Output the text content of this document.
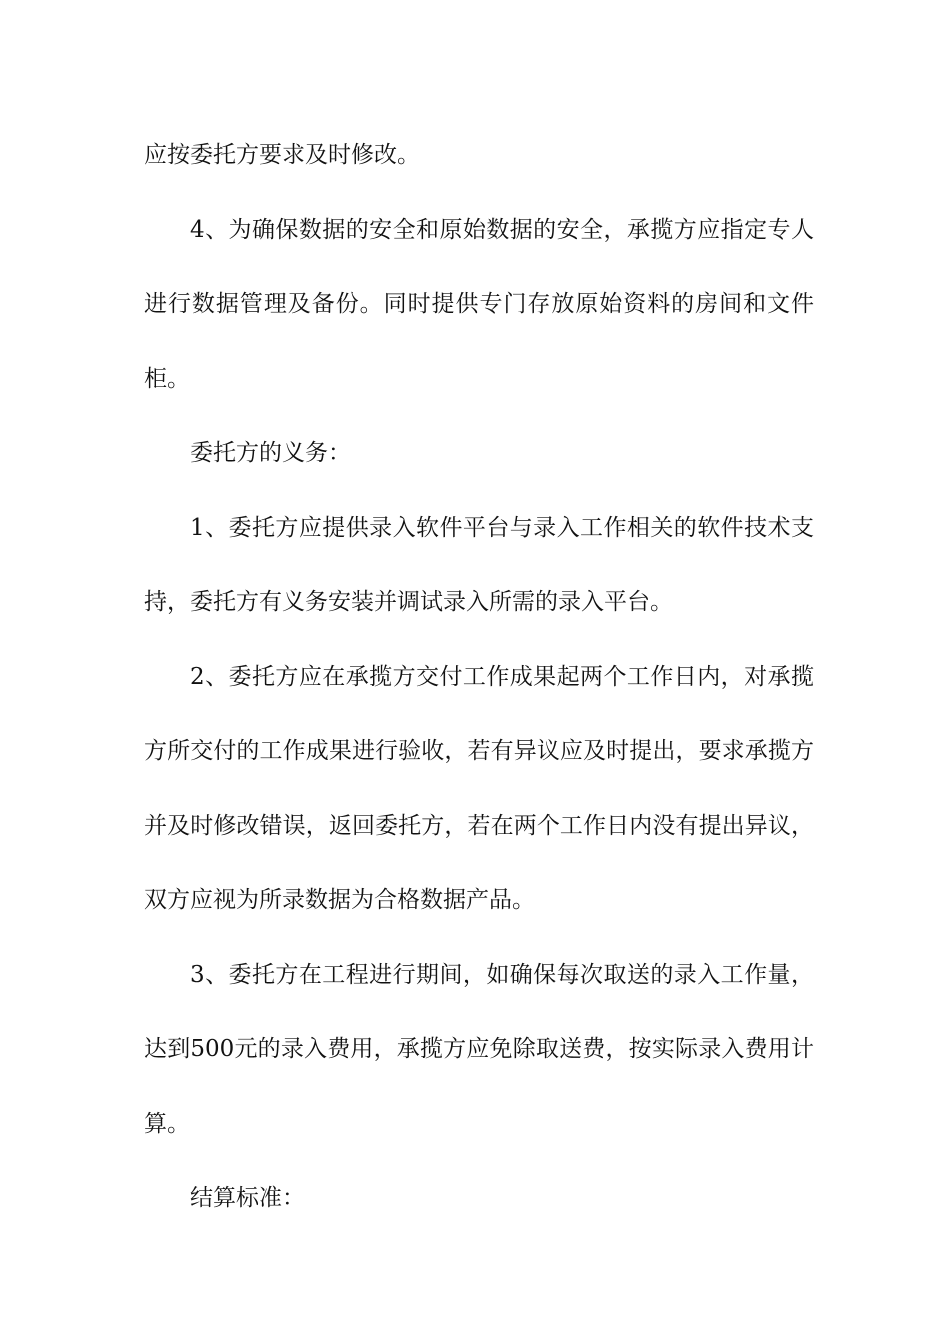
应按委托方要求及时修改。

4、为确保数据的安全和原始数据的安全，承揽方应指定专人进行数据管理及备份。同时提供专门存放原始资料的房间和文件柜。

委托方的义务：

1、委托方应提供录入软件平台与录入工作相关的软件技术支持，委托方有义务安装并调试录入所需的录入平台。

2、委托方应在承揽方交付工作成果起两个工作日内，对承揽方所交付的工作成果进行验收，若有异议应及时提出，要求承揽方并及时修改错误，返回委托方，若在两个工作日内没有提出异议，双方应视为所录数据为合格数据产品。

3、委托方在工程进行期间，如确保每次取送的录入工作量，达到500元的录入费用，承揽方应免除取送费，按实际录入费用计算。

结算标准：
